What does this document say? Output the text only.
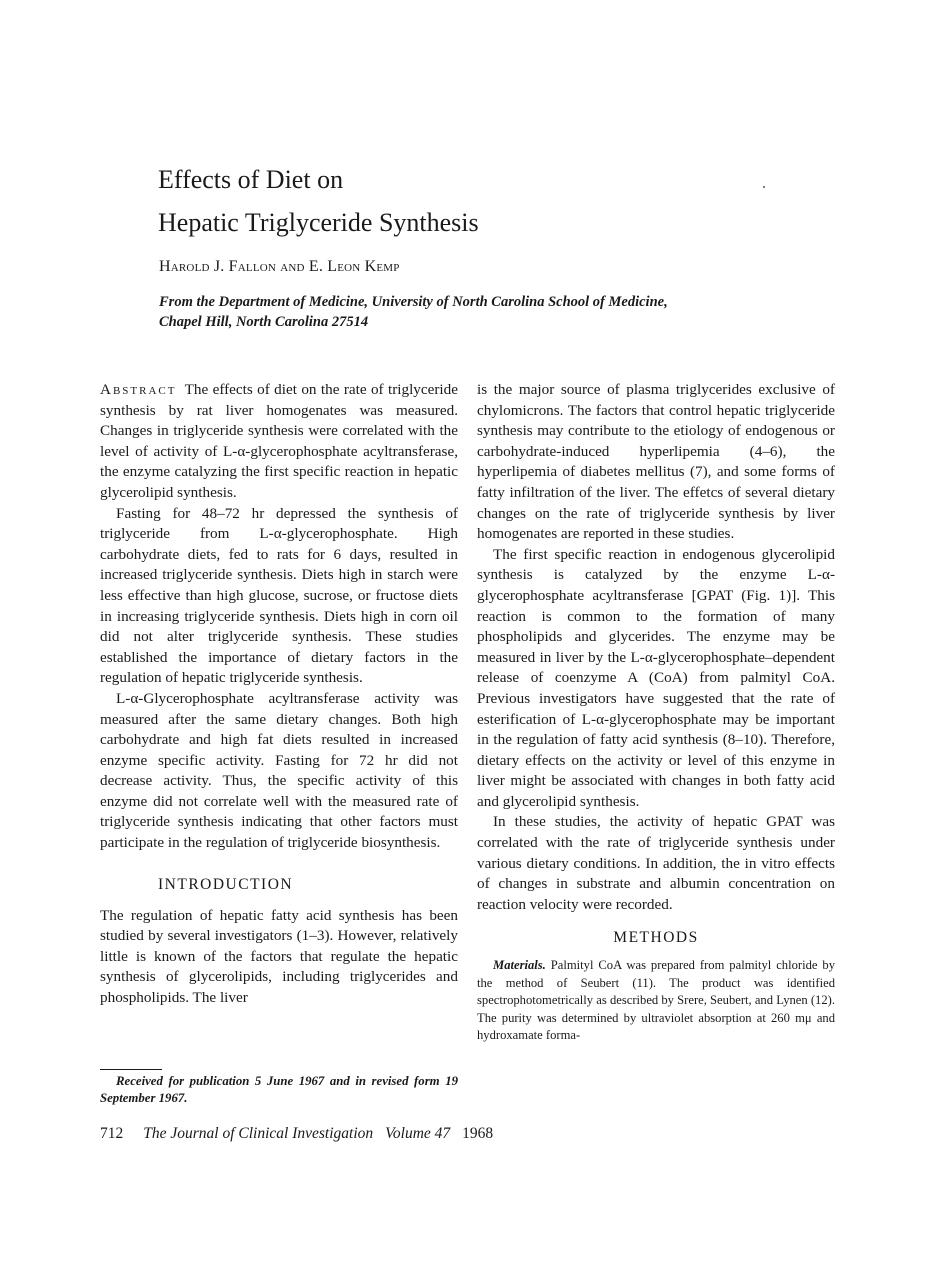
Effects of Diet on
Hepatic Triglyceride Synthesis
Harold J. Fallon and E. Leon Kemp
From the Department of Medicine, University of North Carolina School of Medicine, Chapel Hill, North Carolina 27514

Abstract The effects of diet on the rate of triglyceride synthesis by rat liver homogenates was measured. Changes in triglyceride synthesis were correlated with the level of activity of L-α-glycerophosphate acyltransferase, the enzyme catalyzing the first specific reaction in hepatic glycerolipid synthesis.

Fasting for 48–72 hr depressed the synthesis of triglyceride from L-α-glycerophosphate. High carbohydrate diets, fed to rats for 6 days, resulted in increased triglyceride synthesis. Diets high in starch were less effective than high glucose, sucrose, or fructose diets in increasing triglyceride synthesis. Diets high in corn oil did not alter triglyceride synthesis. These studies established the importance of dietary factors in the regulation of hepatic triglyceride synthesis.

L-α-Glycerophosphate acyltransferase activity was measured after the same dietary changes. Both high carbohydrate and high fat diets resulted in increased enzyme specific activity. Fasting for 72 hr did not decrease activity. Thus, the specific activity of this enzyme did not correlate well with the measured rate of triglyceride synthesis indicating that other factors must participate in the regulation of triglyceride biosynthesis.

INTRODUCTION

The regulation of hepatic fatty acid synthesis has been studied by several investigators (1–3). However, relatively little is known of the factors that regulate the hepatic synthesis of glycerolipids, including triglycerides and phospholipids. The liver

is the major source of plasma triglycerides exclusive of chylomicrons. The factors that control hepatic triglyceride synthesis may contribute to the etiology of endogenous or carbohydrate-induced hyperlipemia (4–6), the hyperlipemia of diabetes mellitus (7), and some forms of fatty infiltration of the liver. The effetcs of several dietary changes on the rate of triglyceride synthesis by liver homogenates are reported in these studies.

The first specific reaction in endogenous glycerolipid synthesis is catalyzed by the enzyme L-α-glycerophosphate acyltransferase [GPAT (Fig. 1)]. This reaction is common to the formation of many phospholipids and glycerides. The enzyme may be measured in liver by the L-α-glycerophosphate–dependent release of coenzyme A (CoA) from palmityl CoA. Previous investigators have suggested that the rate of esterification of L-α-glycerophosphate may be important in the regulation of fatty acid synthesis (8–10). Therefore, dietary effects on the activity or level of this enzyme in liver might be associated with changes in both fatty acid and glycerolipid synthesis.

In these studies, the activity of hepatic GPAT was correlated with the rate of triglyceride synthesis under various dietary conditions. In addition, the in vitro effects of changes in substrate and albumin concentration on reaction velocity were recorded.

METHODS

Materials. Palmityl CoA was prepared from palmityl chloride by the method of Seubert (11). The product was identified spectrophotometrically as described by Srere, Seubert, and Lynen (12). The purity was determined by ultraviolet absorption at 260 mμ and hydroxamate forma-

Received for publication 5 June 1967 and in revised form 19 September 1967.
712 The Journal of Clinical Investigation Volume 47 1968
